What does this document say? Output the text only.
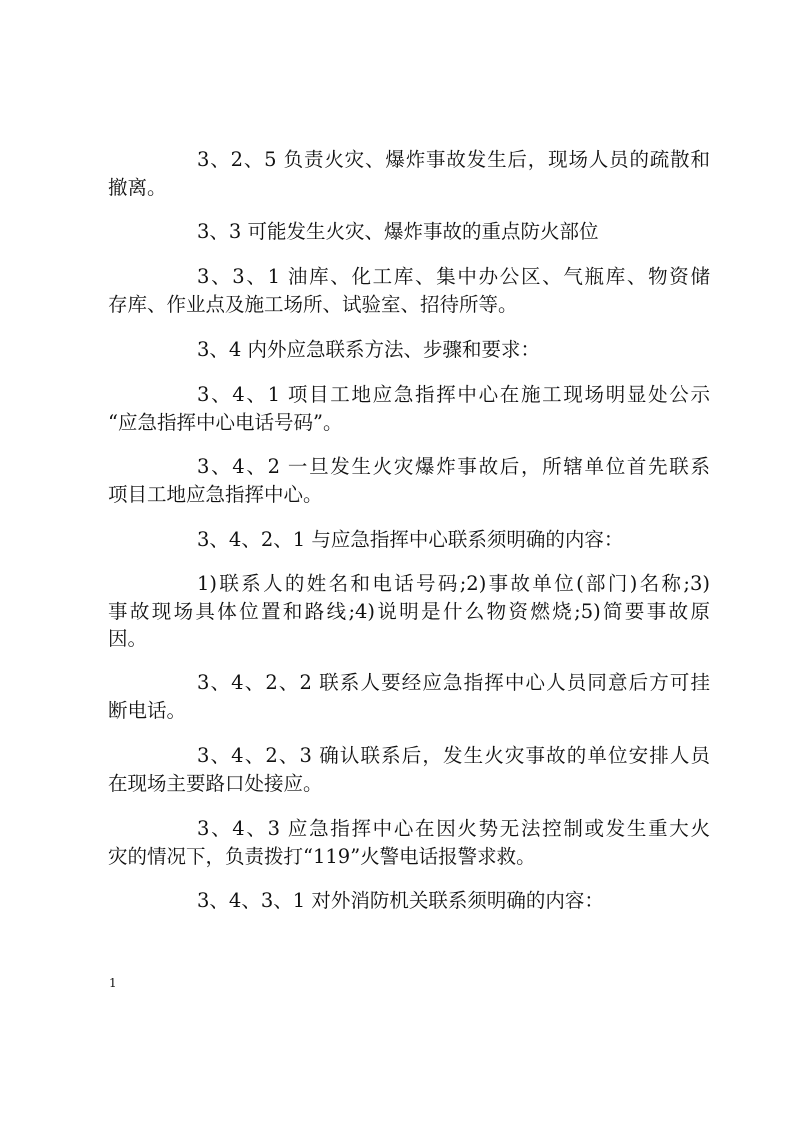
3、2、5 负责火灾、爆炸事故发生后，现场人员的疏散和
撤离。
3、3 可能发生火灾、爆炸事故的重点防火部位
3、3、1 油库、化工库、集中办公区、气瓶库、物资储
存库、作业点及施工场所、试验室、招待所等。
3、4 内外应急联系方法、步骤和要求：
3、4、1 项目工地应急指挥中心在施工现场明显处公示
“应急指挥中心电话号码”。
3、4、2 一旦发生火灾爆炸事故后，所辖单位首先联系
项目工地应急指挥中心。
3、4、2、1 与应急指挥中心联系须明确的内容：
1)联系人的姓名和电话号码;2)事故单位(部门)名称;3)
事故现场具体位置和路线;4)说明是什么物资燃烧;5)简要事故原
因。
3、4、2、2 联系人要经应急指挥中心人员同意后方可挂
断电话。
3、4、2、3 确认联系后，发生火灾事故的单位安排人员
在现场主要路口处接应。
3、4、3 应急指挥中心在因火势无法控制或发生重大火
灾的情况下，负责拨打“119”火警电话报警求救。
3、4、3、1 对外消防机关联系须明确的内容：
1
